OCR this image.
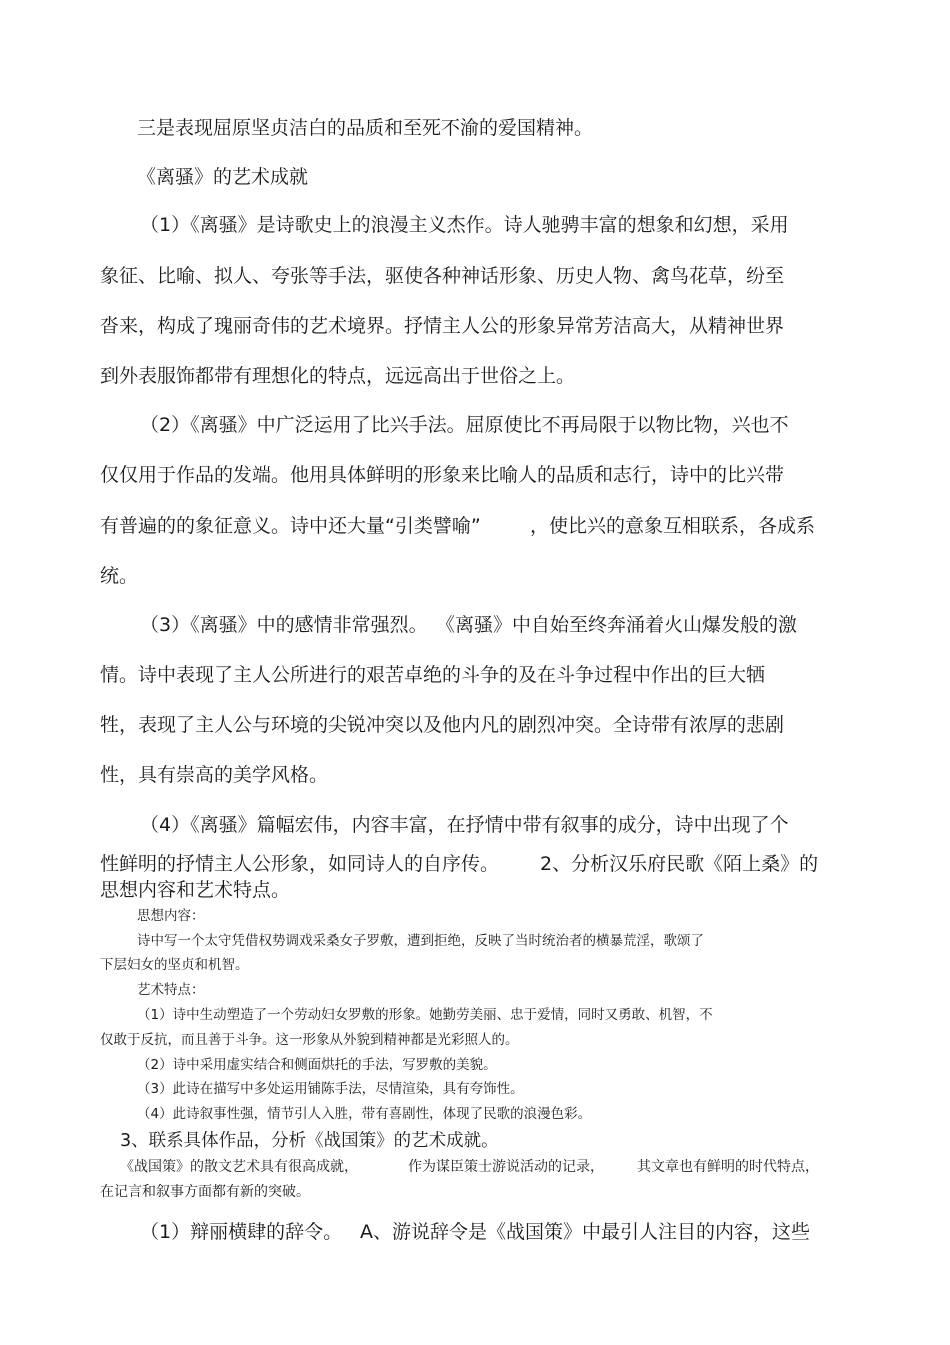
三是表现屈原坚贞洁白的品质和至死不渝的爱国精神。

《离骚》的艺术成就

（1）《离骚》是诗歌史上的浪漫主义杰作。诗人驰骋丰富的想象和幻想，采用

象征、比喻、拟人、夸张等手法，驱使各种神话形象、历史人物、禽鸟花草，纷至

沓来，构成了瑰丽奇伟的艺术境界。抒情主人公的形象异常芳洁高大，从精神世界

到外表服饰都带有理想化的特点，远远高出于世俗之上。

（2）《离骚》中广泛运用了比兴手法。屈原使比不再局限于以物比物，兴也不

仅仅用于作品的发端。他用具体鲜明的形象来比喻人的品质和志行，诗中的比兴带

有普遍的的象征意义。诗中还大量“引类譬喻”	，使比兴的意象互相联系，各成系

统。

（3）《离骚》中的感情非常强烈。 《离骚》中自始至终奔涌着火山爆发般的激

情。诗中表现了主人公所进行的艰苦卓绝的斗争的及在斗争过程中作出的巨大牺

牲，表现了主人公与环境的尖锐冲突以及他内凡的剧烈冲突。全诗带有浓厚的悲剧

性，具有崇高的美学风格。

（4）《离骚》篇幅宏伟，内容丰富，在抒情中带有叙事的成分，诗中出现了个

性鲜明的抒情主人公形象，如同诗人的自序传。 2、分析汉乐府民歌《陌上桑》的

思想内容和艺术特点。

思想内容：

诗中写一个太守凭借权势调戏采桑女子罗敷，遭到拒绝，反映了当时统治者的横暴荒淫，歌颂了

下层妇女的坚贞和机智。

艺术特点：

（1）诗中生动塑造了一个劳动妇女罗敷的形象。她勤劳美丽、忠于爱情，同时又勇敢、机智，不

仅敢于反抗，而且善于斗争。这一形象从外貌到精神都是光彩照人的。

（2）诗中采用虚实结合和侧面烘托的手法，写罗敷的美貌。

（3）此诗在描写中多处运用铺陈手法，尽情渲染，具有夸饰性。

（4）此诗叙事性强，情节引人入胜，带有喜剧性，体现了民歌的浪漫色彩。

3、联系具体作品，分析《战国策》的艺术成就。

《战国策》的散文艺术具有很高成就，	作为谋臣策士游说活动的记录， 其文章也有鲜明的时代特点，

在记言和叙事方面都有新的突破。

（1）辩丽横肆的辞令。 A、游说辞令是《战国策》中最引人注目的内容，这些
